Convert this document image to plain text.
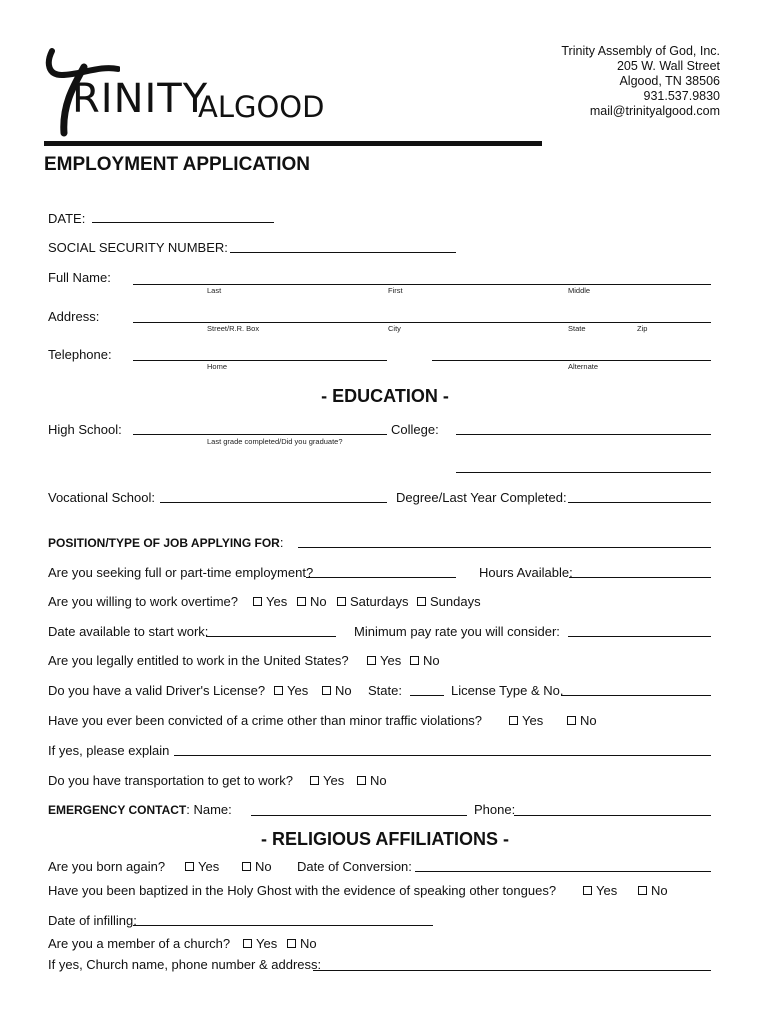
RINITY
ALGOOD
Trinity Assembly of God, Inc.
205 W. Wall Street
Algood, TN 38506
931.537.9830
mail@trinityalgood.com
EMPLOYMENT APPLICATION
DATE:
SOCIAL SECURITY NUMBER:
Full Name:
Last	First	Middle
Address:
Street/R.R. Box	City	State	Zip
Telephone:
Home	Alternate
- EDUCATION -
High School:
Last grade completed/Did you graduate?
College:
Vocational School:	Degree/Last Year Completed:
POSITION/TYPE OF JOB APPLYING FOR:
Are you seeking full or part-time employment?	Hours Available:
Are you willing to work overtime?	Yes	No	Saturdays	Sundays
Date available to start work:	Minimum pay rate you will consider:
Are you legally entitled to work in the United States?	Yes	No
Do you have a valid Driver's License?	Yes	No State:	License Type & No.
Have you ever been convicted of a crime other than minor traffic violations?	Yes	No
If yes, please explain
Do you have transportation to get to work?	Yes	No
EMERGENCY CONTACT: Name:	Phone:
- RELIGIOUS AFFILIATIONS -
Are you born again?	Yes	No Date of Conversion:
Have you been baptized in the Holy Ghost with the evidence of speaking other tongues?	Yes	No
Date of infilling:
Are you a member of a church?	Yes	No
If yes, Church name, phone number & address:
